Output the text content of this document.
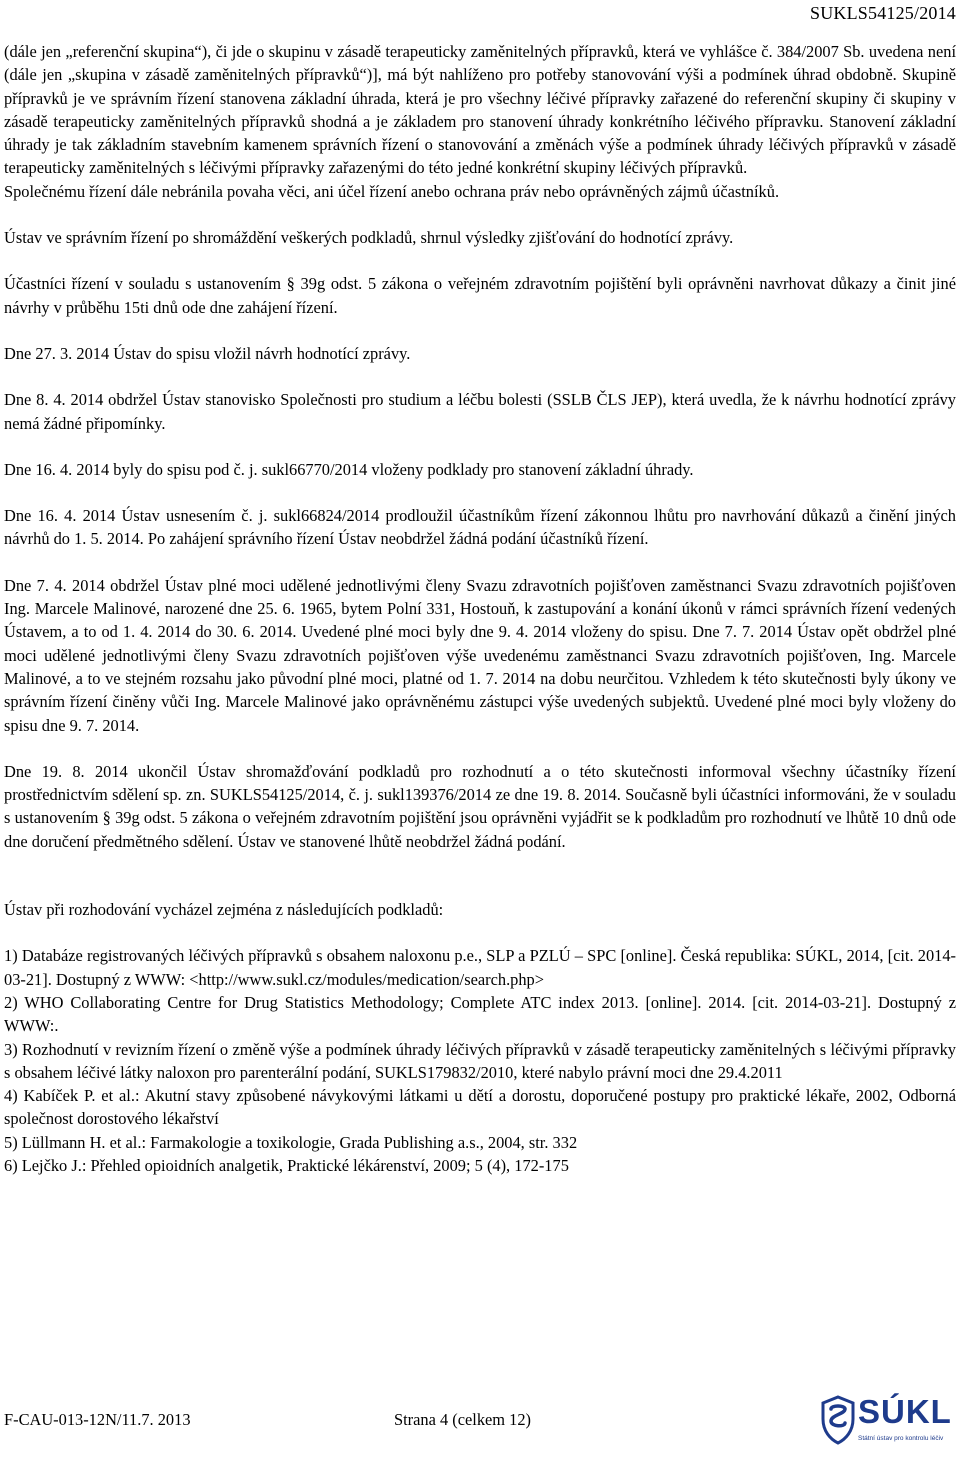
SUKLS54125/2014

(dále jen „referenční skupina“), či jde o skupinu v zásadě terapeuticky zaměnitelných přípravků, která ve vyhlášce č. 384/2007 Sb. uvedena není (dále jen „skupina v zásadě zaměnitelných přípravků“)], má být nahlíženo pro potřeby stanovování výši a podmínek úhrad obdobně. Skupině přípravků je ve správním řízení stanovena základní úhrada, která je pro všechny léčivé přípravky zařazené do referenční skupiny či skupiny v zásadě terapeuticky zaměnitelných přípravků shodná a je základem pro stanovení úhrady konkrétního léčivého přípravku. Stanovení základní úhrady je tak základním stavebním kamenem správních řízení o stanovování a změnách výše a podmínek úhrady léčivých přípravků v zásadě terapeuticky zaměnitelných s léčivými přípravky zařazenými do této jedné konkrétní skupiny léčivých přípravků.
Společnému řízení dále nebránila povaha věci, ani účel řízení anebo ochrana práv nebo oprávněných zájmů účastníků.

Ústav ve správním řízení po shromáždění veškerých podkladů, shrnul výsledky zjišťování do hodnotící zprávy.

Účastníci řízení v souladu s ustanovením § 39g odst. 5 zákona o veřejném zdravotním pojištění byli oprávněni navrhovat důkazy a činit jiné návrhy v průběhu 15ti dnů ode dne zahájení řízení.

Dne 27. 3. 2014 Ústav do spisu vložil návrh hodnotící zprávy.

Dne 8. 4. 2014 obdržel Ústav stanovisko Společnosti pro studium a léčbu bolesti (SSLB ČLS JEP), která uvedla, že k návrhu hodnotící zprávy nemá žádné připomínky.

Dne 16. 4. 2014 byly do spisu pod č. j. sukl66770/2014 vloženy podklady pro stanovení základní úhrady.

Dne 16. 4. 2014 Ústav usnesením č. j. sukl66824/2014 prodloužil účastníkům řízení zákonnou lhůtu pro navrhování důkazů a činění jiných návrhů do 1. 5. 2014. Po zahájení správního řízení Ústav neobdržel žádná podání účastníků řízení.

Dne 7. 4. 2014 obdržel Ústav plné moci udělené jednotlivými členy Svazu zdravotních pojišťoven zaměstnanci Svazu zdravotních pojišťoven Ing. Marcele Malinové, narozené dne 25. 6. 1965, bytem Polní 331, Hostouň, k zastupování a konání úkonů v rámci správních řízení vedených Ústavem, a to od 1. 4. 2014 do 30. 6. 2014. Uvedené plné moci byly dne 9. 4. 2014 vloženy do spisu. Dne 7. 7. 2014 Ústav opět obdržel plné moci udělené jednotlivými členy Svazu zdravotních pojišťoven výše uvedenému zaměstnanci Svazu zdravotních pojišťoven, Ing. Marcele Malinové, a to ve stejném rozsahu jako původní plné moci, platné od 1. 7. 2014 na dobu neurčitou. Vzhledem k této skutečnosti byly úkony ve správním řízení činěny vůči Ing. Marcele Malinové jako oprávněnému zástupci výše uvedených subjektů. Uvedené plné moci byly vloženy do spisu dne 9. 7. 2014.

Dne 19. 8. 2014 ukončil Ústav shromažďování podkladů pro rozhodnutí a o této skutečnosti informoval všechny účastníky řízení prostřednictvím sdělení sp. zn. SUKLS54125/2014, č. j. sukl139376/2014 ze dne 19. 8. 2014. Současně byli účastníci informováni, že v souladu s ustanovením § 39g odst. 5 zákona o veřejném zdravotním pojištění jsou oprávněni vyjádřit se k podkladům pro rozhodnutí ve lhůtě 10 dnů ode dne doručení předmětného sdělení. Ústav ve stanovené lhůtě neobdržel žádná podání.

Ústav při rozhodování vycházel zejména z následujících podkladů:

1) Databáze registrovaných léčivých přípravků s obsahem naloxonu p.e., SLP a PZLÚ – SPC [online]. Česká republika: SÚKL, 2014, [cit. 2014-03-21]. Dostupný z WWW: <http://www.sukl.cz/modules/medication/search.php>

2) WHO Collaborating Centre for Drug Statistics Methodology; Complete ATC index 2013. [online]. 2014. [cit. 2014-03-21]. Dostupný z WWW:.

3) Rozhodnutí v revizním řízení o změně výše a podmínek úhrady léčivých přípravků v zásadě terapeuticky zaměnitelných s léčivými přípravky s obsahem léčivé látky naloxon pro parenterální podání, SUKLS179832/2010, které nabylo právní moci dne 29.4.2011

4) Kabíček P. et al.: Akutní stavy způsobené návykovými látkami u dětí a dorostu, doporučené postupy pro praktické lékaře, 2002, Odborná společnost dorostového lékařství

5) Lüllmann H. et al.: Farmakologie a toxikologie, Grada Publishing a.s., 2004, str. 332

6) Lejčko J.: Přehled opioidních analgetik, Praktické lékárenství, 2009; 5 (4), 172-175

F-CAU-013-12N/11.7. 2013	Strana 4 (celkem 12)	SÚKL
Státní ústav pro kontrolu léčiv
